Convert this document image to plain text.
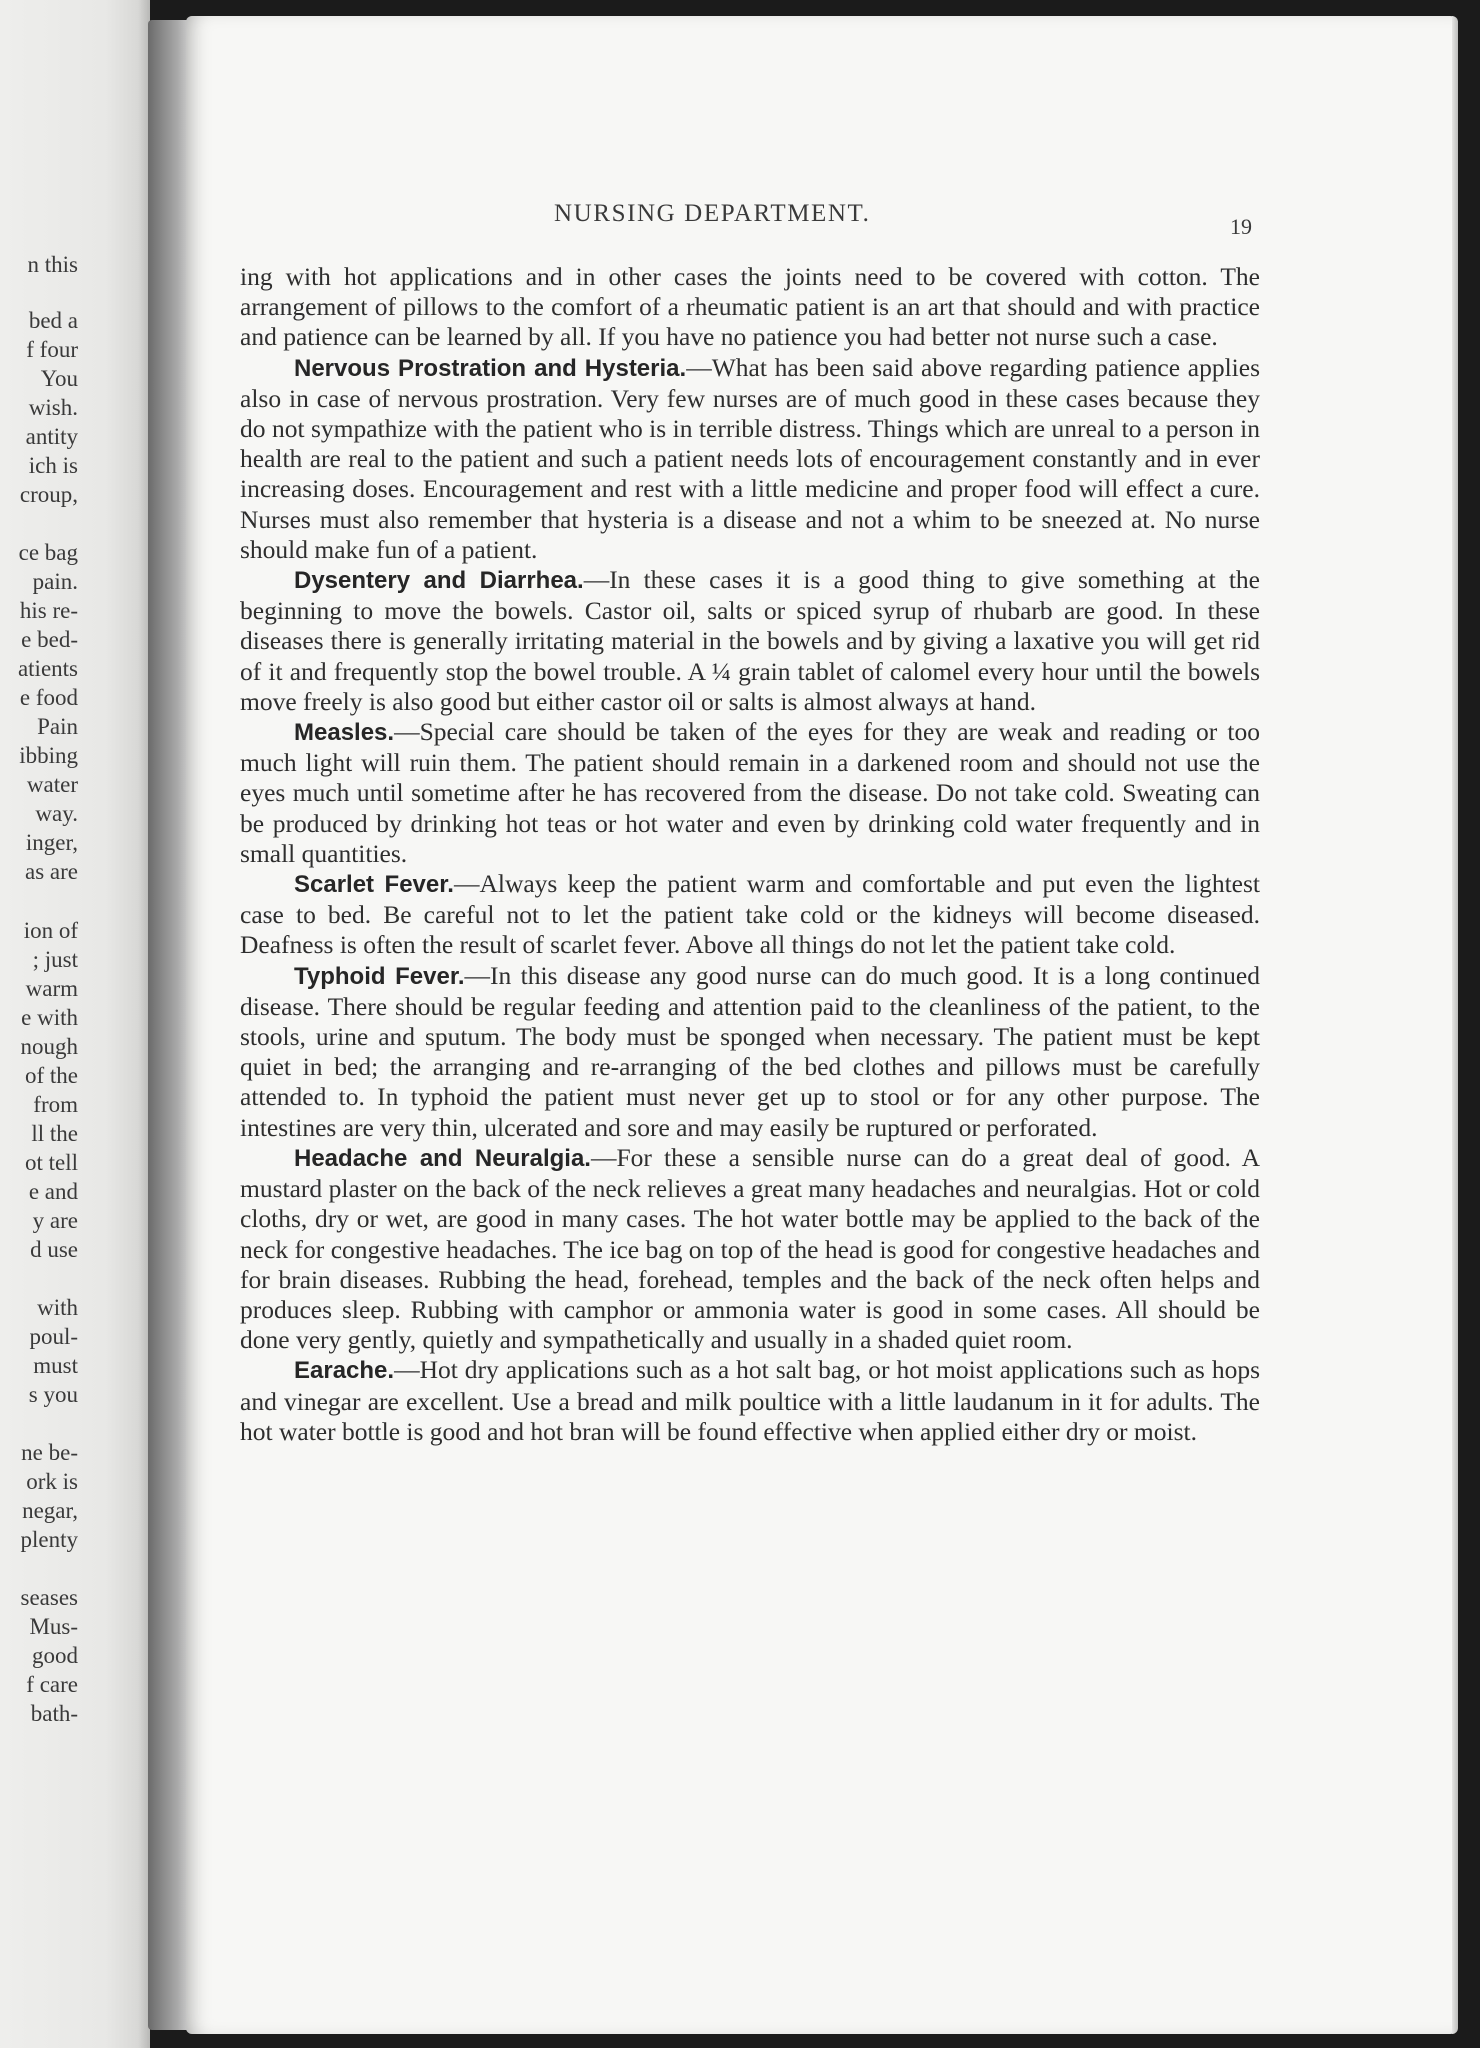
n this
bed a
f four
You
wish.
antity
ich is
croup,
ce bag
pain.
his re-
e bed-
atients
e food
Pain
ibbing
water
way.
inger,
as are
ion of
; just
warm
e with
nough
of the
from
ll the
ot tell
e and
y are
d use
with
poul-
must
s you
ne be-
ork is
negar,
plenty
seases
Mus-
good
f care
bath-
NURSING DEPARTMENT.	19

ing with hot applications and in other cases the joints need to be covered with cotton. The arrangement of pillows to the comfort of a rheumatic patient is an art that should and with practice and patience can be learned by all. If you have no patience you had better not nurse such a case.

Nervous Prostration and Hysteria.—What has been said above regarding patience applies also in case of nervous prostration. Very few nurses are of much good in these cases because they do not sympathize with the patient who is in terrible distress. Things which are unreal to a person in health are real to the patient and such a patient needs lots of encouragement constantly and in ever increasing doses. Encouragement and rest with a little medicine and proper food will effect a cure. Nurses must also remember that hysteria is a disease and not a whim to be sneezed at. No nurse should make fun of a patient.

Dysentery and Diarrhea.—In these cases it is a good thing to give something at the beginning to move the bowels. Castor oil, salts or spiced syrup of rhubarb are good. In these diseases there is generally irritating material in the bowels and by giving a laxative you will get rid of it and frequently stop the bowel trouble. A ¼ grain tablet of calomel every hour until the bowels move freely is also good but either castor oil or salts is almost always at hand.

Measles.—Special care should be taken of the eyes for they are weak and reading or too much light will ruin them. The patient should remain in a darkened room and should not use the eyes much until sometime after he has recovered from the disease. Do not take cold. Sweating can be produced by drinking hot teas or hot water and even by drinking cold water frequently and in small quantities.

Scarlet Fever.—Always keep the patient warm and comfortable and put even the lightest case to bed. Be careful not to let the patient take cold or the kidneys will become diseased. Deafness is often the result of scarlet fever. Above all things do not let the patient take cold.

Typhoid Fever.—In this disease any good nurse can do much good. It is a long continued disease. There should be regular feeding and attention paid to the cleanliness of the patient, to the stools, urine and sputum. The body must be sponged when necessary. The patient must be kept quiet in bed; the arranging and re-arranging of the bed clothes and pillows must be carefully attended to. In typhoid the patient must never get up to stool or for any other purpose. The intestines are very thin, ulcerated and sore and may easily be ruptured or perforated.

Headache and Neuralgia.—For these a sensible nurse can do a great deal of good. A mustard plaster on the back of the neck relieves a great many headaches and neuralgias. Hot or cold cloths, dry or wet, are good in many cases. The hot water bottle may be applied to the back of the neck for congestive headaches. The ice bag on top of the head is good for congestive headaches and for brain diseases. Rubbing the head, forehead, temples and the back of the neck often helps and produces sleep. Rubbing with camphor or ammonia water is good in some cases. All should be done very gently, quietly and sympathetically and usually in a shaded quiet room.

Earache.—Hot dry applications such as a hot salt bag, or hot moist applications such as hops and vinegar are excellent. Use a bread and milk poultice with a little laudanum in it for adults. The hot water bottle is good and hot bran will be found effective when applied either dry or moist.
